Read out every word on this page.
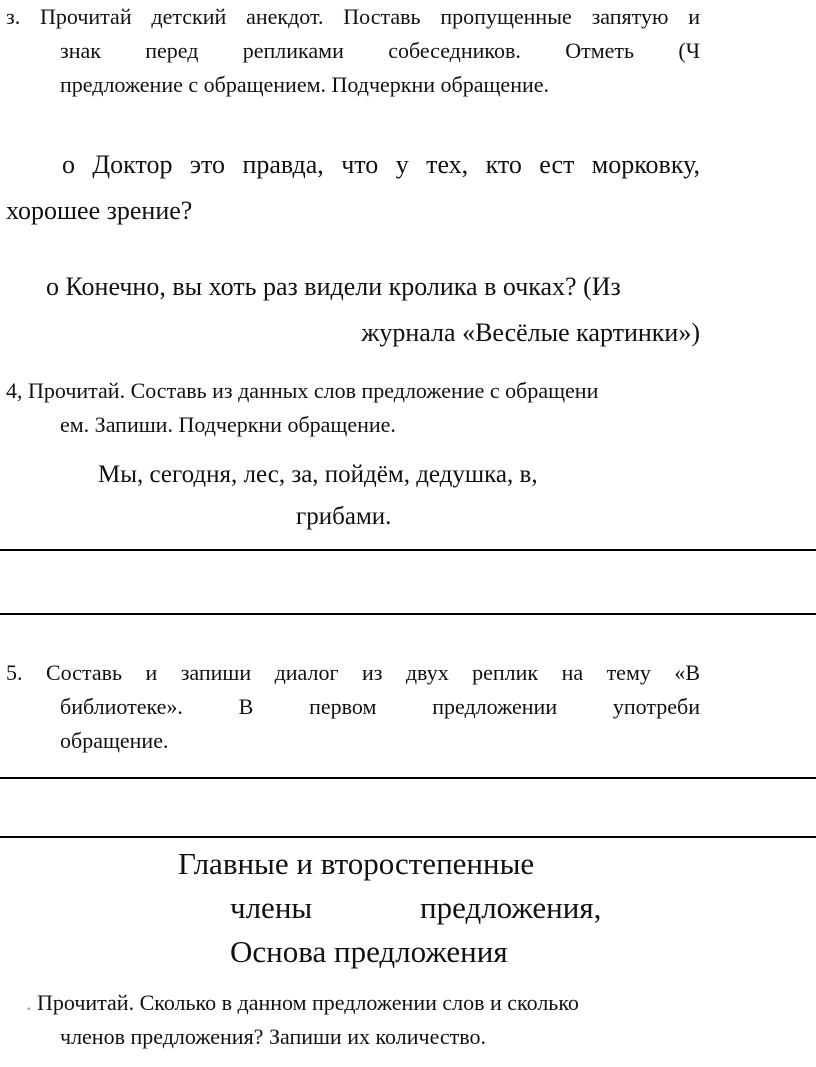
з. Прочитай детский анекдот. Поставь пропущенные запятую и
знак перед репликами собеседников. Отметь (Ч
предложение с обращением. Подчеркни обращение.
о Доктор это правда, что у тех, кто ест морковку,
хорошее зрение?
о Конечно, вы хоть раз видели кролика в очках? (Из
журнала «Весёлые картинки»)
4, Прочитай. Составь из данных слов предложение с обращени
ем. Запиши. Подчеркни обращение.
Мы, сегодня, лес, за, пойдём, дедушка, в,
грибами.
5. Составь и запиши диалог из двух реплик на тему «В
библиотеке». В первом предложении употреби
обращение.
Главные и второстепенные
члены	предложения,
Основа предложения
. Прочитай. Сколько в данном предложении слов и сколько
членов предложения? Запиши их количество.
